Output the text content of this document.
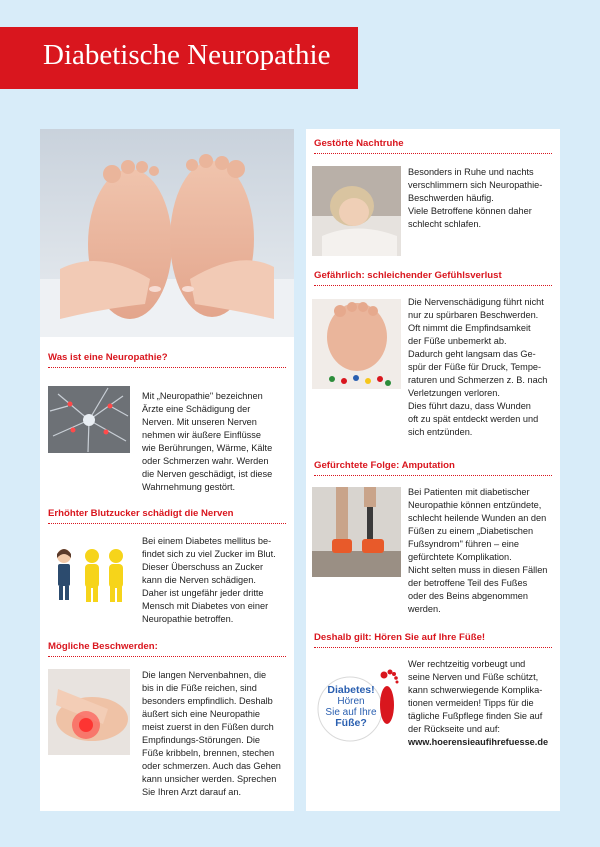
Diabetische Neuropathie
Was ist eine Neuropathie?

Mit „Neuropathie" bezeichnen
Ärzte eine Schädigung der
Nerven. Mit unseren Nerven
nehmen wir äußere Einflüsse
wie Berührungen, Wärme, Kälte
oder Schmerzen wahr. Werden
die Nerven geschädigt, ist diese
Wahrnehmung gestört.

Erhöhter Blutzucker schädigt die Nerven

Bei einem Diabetes mellitus be-
findet sich zu viel Zucker im Blut.
Dieser Überschuss an Zucker
kann die Nerven schädigen.
Daher ist ungefähr jeder dritte
Mensch mit Diabetes von einer
Neuropathie betroffen.

Mögliche Beschwerden:

Die langen Nervenbahnen, die
bis in die Füße reichen, sind
besonders empfindlich. Deshalb
äußert sich eine Neuropathie
meist zuerst in den Füßen durch
Empfindungs-Störungen. Die
Füße kribbeln, brennen, stechen
oder schmerzen. Auch das Gehen
kann unsicher werden. Sprechen
Sie Ihren Arzt darauf an.

Gestörte Nachtruhe

Besonders in Ruhe und nachts
verschlimmern sich Neuropathie-
Beschwerden häufig.
Viele Betroffene können daher
schlecht schlafen.

Gefährlich: schleichender Gefühlsverlust

Die Nervenschädigung führt nicht
nur zu spürbaren Beschwerden.
Oft nimmt die Empfindsamkeit
der Füße unbemerkt ab.
Dadurch geht langsam das Ge-
spür der Füße für Druck, Tempe-
raturen und Schmerzen z. B. nach
Verletzungen verloren.
Dies führt dazu, dass Wunden
oft zu spät entdeckt werden und
sich entzünden.

Gefürchtete Folge: Amputation

Bei Patienten mit diabetischer
Neuropathie können entzündete,
schlecht heilende Wunden an den
Füßen zu einem „Diabetischen
Fußsyndrom" führen – eine
gefürchtete Komplikation.
Nicht selten muss in diesen Fällen
der betroffene Teil des Fußes
oder des Beins abgenommen
werden.

Deshalb gilt: Hören Sie auf Ihre Füße!
Diabetes!
Hören
Sie auf Ihre
Füße?

Wer rechtzeitig vorbeugt und
seine Nerven und Füße schützt,
kann schwerwiegende Komplika-
tionen vermeiden! Tipps für die
tägliche Fußpflege finden Sie auf
der Rückseite und auf:
www.hoerensieaufihrefuesse.de
